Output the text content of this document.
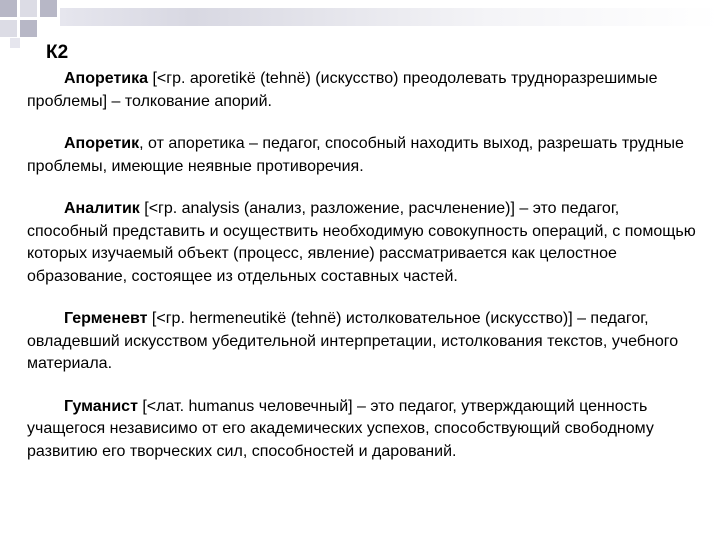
К2

Апоретика [<гр. aporetikë (tehnë) (искусство) преодолевать трудноразрешимые проблемы] – толкование апорий.

Апоретик, от апоретика – педагог, способный находить выход, разрешать трудные проблемы, имеющие неявные противоречия.

Аналитик [<гр. analysis (анализ, разложение, расчленение)] – это педагог, способный представить и осуществить необходимую совокупность операций, с помощью которых изучаемый объект (процесс, явление) рассматривается как целостное образование, состоящее из отдельных составных частей.

Герменевт [<гр. hermeneutikë (tehnë) истолковательное (искусство)] – педагог, овладевший искусством убедительной интерпретации, истолкования текстов, учебного материала.

Гуманист [<лат. humanus человечный] – это педагог, утверждающий ценность учащегося независимо от его академических успехов, способствующий свободному развитию его творческих сил, способностей и дарований.
